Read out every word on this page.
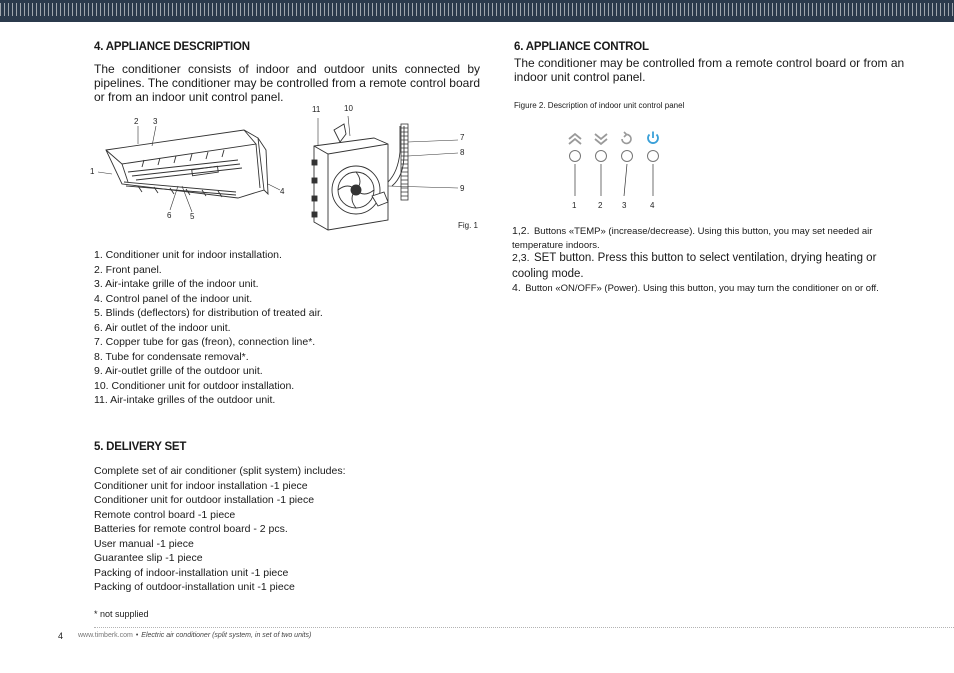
4. APPLIANCE DESCRIPTION
The conditioner consists of indoor and outdoor units connected by pipelines. The conditioner may be controlled from a remote control board or from an indoor unit control panel.
2 3
1
4
6 5
11	10
7
8
9
Fig. 1
1. Conditioner unit for indoor installation.
2. Front panel.
3. Air-intake grille of the indoor unit.
4. Control panel of the indoor unit.
5. Blinds (deflectors) for distribution of treated air.
6. Air outlet of the indoor unit.
7. Copper tube for gas (freon), connection line*.
8. Tube for condensate removal*.
9. Air-outlet grille of the outdoor unit.
10. Conditioner unit for outdoor installation.
11. Air-intake grilles of the outdoor unit.
5. DELIVERY SET
Complete set of air conditioner (split system) includes:
Conditioner unit for indoor installation -1 piece
Conditioner unit for outdoor installation -1 piece
Remote control board -1 piece
Batteries for remote control board - 2 pcs.
User manual -1 piece
Guarantee slip -1 piece
Packing of indoor-installation unit -1 piece
Packing of outdoor-installation unit -1 piece
* not supplied
6. APPLIANCE CONTROL
The conditioner may be controlled from a remote control board or from an indoor unit control panel.
Figure 2. Description of indoor unit control panel
1	2 3	4

1,2. Buttons «TEMP» (increase/decrease). Using this button, you may set needed air temperature indoors.

2,3. SET button. Press this button to select ventilation, drying heating or cooling mode.

4. Button «ON/OFF» (Power). Using this button, you may turn the conditioner on or off.

4 www.timberk.com • Electric air conditioner (split system, in set of two units)
